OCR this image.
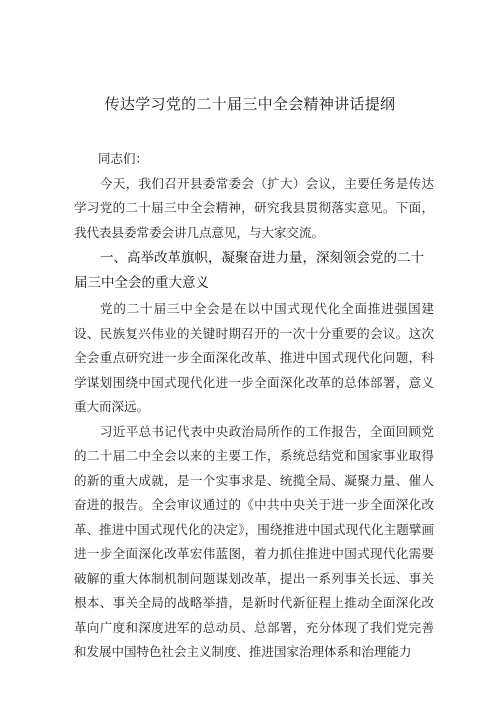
传达学习党的二十届三中全会精神讲话提纲

同志们：

今天，我们召开县委常委会（扩大）会议，主要任务是传达学习党的二十届三中全会精神，研究我县贯彻落实意见。下面，我代表县委常委会讲几点意见，与大家交流。

一、高举改革旗帜，凝聚奋进力量，深刻领会党的二十届三中全会的重大意义

党的二十届三中全会是在以中国式现代化全面推进强国建设、民族复兴伟业的关键时期召开的一次十分重要的会议。这次全会重点研究进一步全面深化改革、推进中国式现代化问题，科学谋划围绕中国式现代化进一步全面深化改革的总体部署，意义重大而深远。

习近平总书记代表中央政治局所作的工作报告，全面回顾党的二十届二中全会以来的主要工作，系统总结党和国家事业取得的新的重大成就，是一个实事求是、统揽全局、凝聚力量、催人奋进的报告。全会审议通过的《中共中央关于进一步全面深化改革、推进中国式现代化的决定》，围绕推进中国式现代化主题擘画进一步全面深化改革宏伟蓝图，着力抓住推进中国式现代化需要破解的重大体制机制问题谋划改革，提出一系列事关长远、事关根本、事关全局的战略举措，是新时代新征程上推动全面深化改革向广度和深度进军的总动员、总部署，充分体现了我们党完善和发展中国特色社会主义制度、推进国家治理体系和治理能力
